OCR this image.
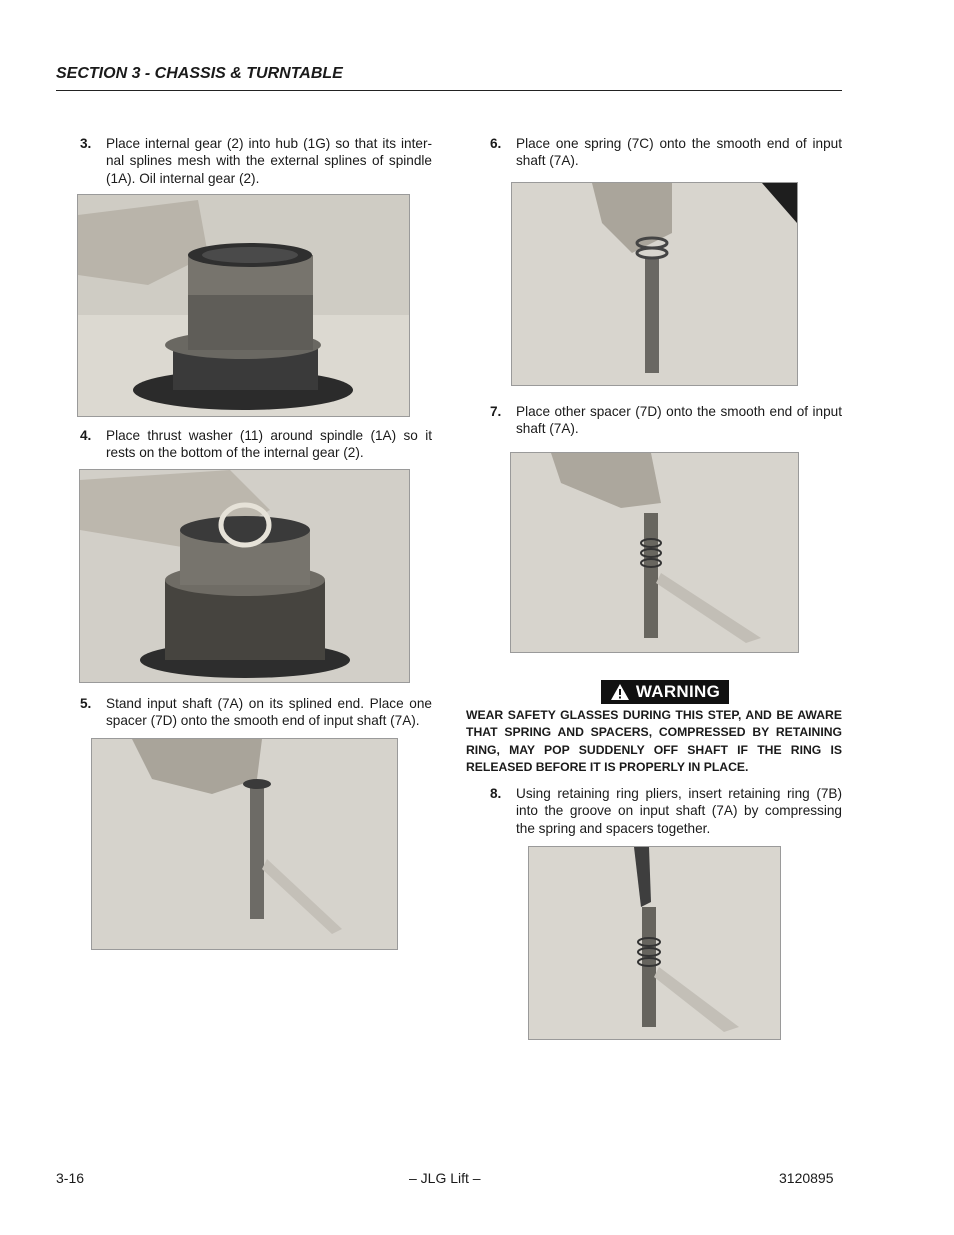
SECTION 3 - CHASSIS & TURNTABLE
3. Place internal gear (2) into hub (1G) so that its inter-nal splines mesh with the external splines of spindle (1A). Oil internal gear (2).
4. Place thrust washer (11) around spindle (1A) so it rests on the bottom of the internal gear (2).
5. Stand input shaft (7A) on its splined end. Place one spacer (7D) onto the smooth end of input shaft (7A).
6. Place one spring (7C) onto the smooth end of input shaft (7A).
7. Place other spacer (7D) onto the smooth end of input shaft (7A).
WARNING
WEAR SAFETY GLASSES DURING THIS STEP, AND BE AWARE THAT SPRING AND SPACERS, COMPRESSED BY RETAINING RING, MAY POP SUDDENLY OFF SHAFT IF THE RING IS RELEASED BEFORE IT IS PROPERLY IN PLACE.
8. Using retaining ring pliers, insert retaining ring (7B) into the groove on input shaft (7A) by compressing the spring and spacers together.
3-16	– JLG Lift –	3120895
